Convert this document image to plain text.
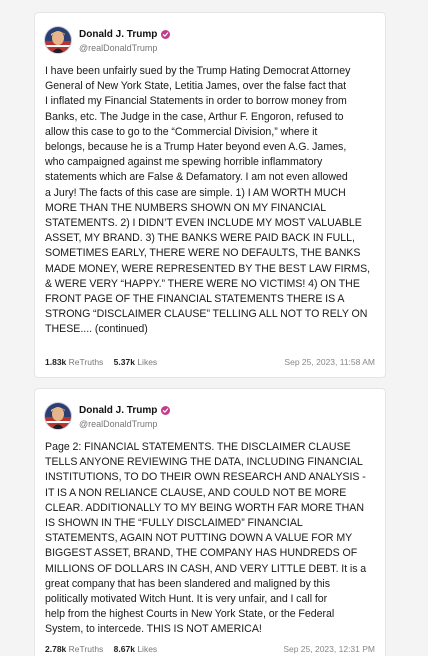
Donald J. Trump
@realDonaldTrump
I have been unfairly sued by the Trump Hating Democrat Attorney
General of New York State, Letitia James, over the false fact that
I inflated my Financial Statements in order to borrow money from
Banks, etc. The Judge in the case, Arthur F. Engoron, refused to
allow this case to go to the “Commercial Division,” where it
belongs, because he is a Trump Hater beyond even A.G. James,
who campaigned against me spewing horrible inflammatory
statements which are False & Defamatory. I am not even allowed
a Jury! The facts of this case are simple. 1) I AM WORTH MUCH
MORE THAN THE NUMBERS SHOWN ON MY FINANCIAL
STATEMENTS. 2) I DIDN’T EVEN INCLUDE MY MOST VALUABLE
ASSET, MY BRAND. 3) THE BANKS WERE PAID BACK IN FULL,
SOMETIMES EARLY, THERE WERE NO DEFAULTS, THE BANKS
MADE MONEY, WERE REPRESENTED BY THE BEST LAW FIRMS,
& WERE VERY “HAPPY.” THERE WERE NO VICTIMS! 4) ON THE
FRONT PAGE OF THE FINANCIAL STATEMENTS THERE IS A
STRONG “DISCLAIMER CLAUSE” TELLING ALL NOT TO RELY ON
THESE.... (continued)
1.83k ReTruths 5.37k Likes	Sep 25, 2023, 11:58 AM
Donald J. Trump
@realDonaldTrump
Page 2: FINANCIAL STATEMENTS. THE DISCLAIMER CLAUSE
TELLS ANYONE REVIEWING THE DATA, INCLUDING FINANCIAL
INSTITUTIONS, TO DO THEIR OWN RESEARCH AND ANALYSIS -
IT IS A NON RELIANCE CLAUSE, AND COULD NOT BE MORE
CLEAR. ADDITIONALLY TO MY BEING WORTH FAR MORE THAN
IS SHOWN IN THE “FULLY DISCLAIMED” FINANCIAL
STATEMENTS, AGAIN NOT PUTTING DOWN A VALUE FOR MY
BIGGEST ASSET, BRAND, THE COMPANY HAS HUNDREDS OF
MILLIONS OF DOLLARS IN CASH, AND VERY LITTLE DEBT. It is a
great company that has been slandered and maligned by this
politically motivated Witch Hunt. It is very unfair, and I call for
help from the highest Courts in New York State, or the Federal
System, to intercede. THIS IS NOT AMERICA!
2.78k ReTruths 8.67k Likes	Sep 25, 2023, 12:31 PM
